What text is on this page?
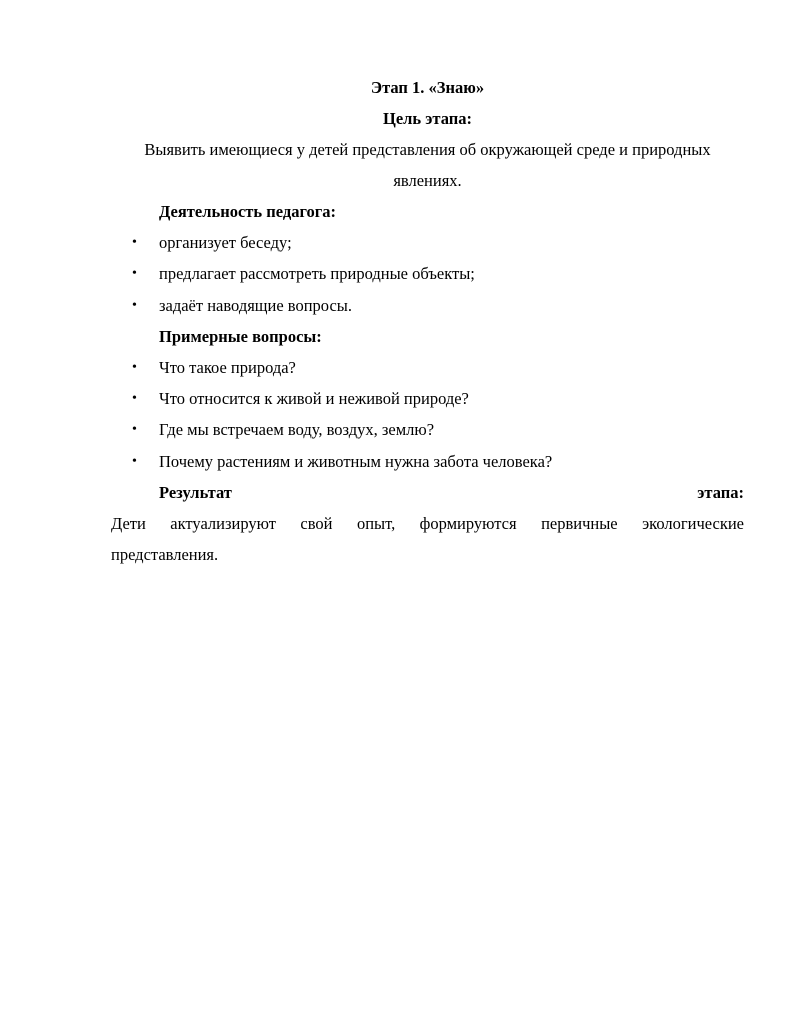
Этап 1. «Знаю»
Цель этапа:
Выявить имеющиеся у детей представления об окружающей среде и природных
явлениях.
Деятельность педагога:
• организует беседу;
• предлагает рассмотреть природные объекты;
• задаёт наводящие вопросы.
Примерные вопросы:
• Что такое природа?
• Что относится к живой и неживой природе?
• Где мы встречаем воду, воздух, землю?
• Почему растениям и животным нужна забота человека?
Результат	этапа:
Дети актуализируют свой опыт, формируются первичные экологические
представления.
